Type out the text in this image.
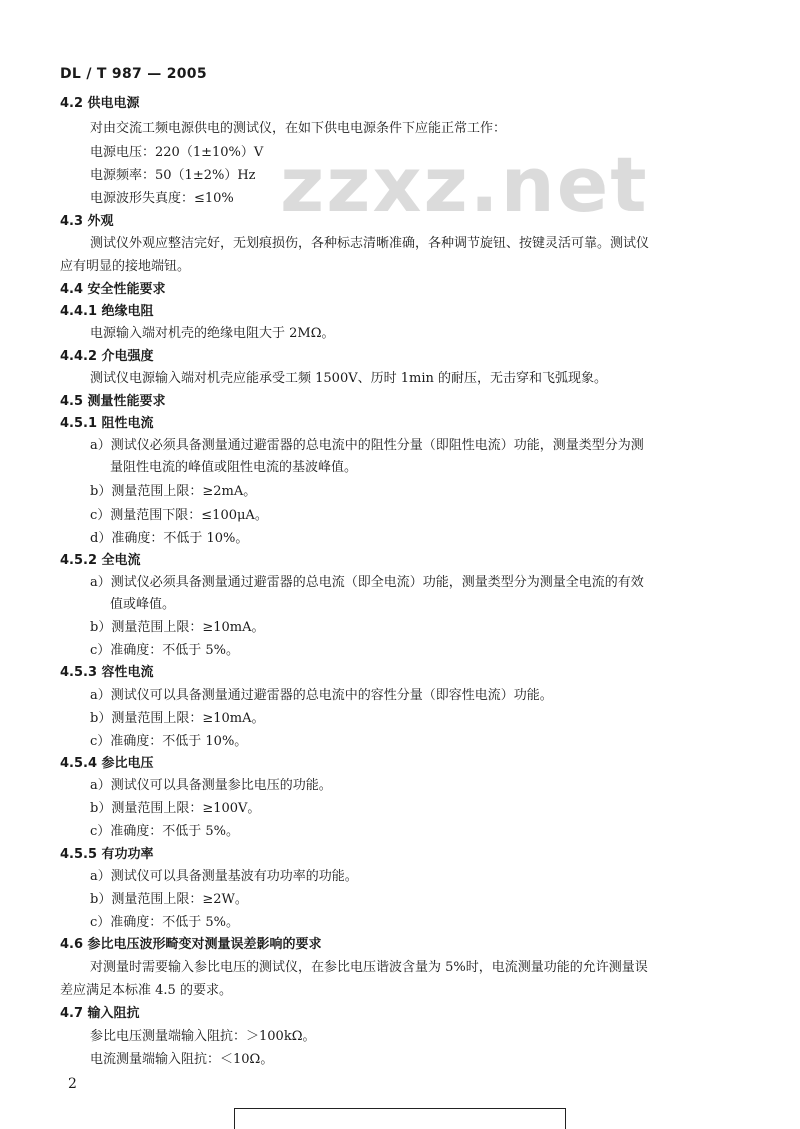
DL / T 987 — 2005
zzxz.net
4.2 供电电源
对由交流工频电源供电的测试仪，在如下供电电源条件下应能正常工作：
电源电压：220（1±10%）V
电源频率：50（1±2%）Hz
电源波形失真度：≤10%
4.3 外观
测试仪外观应整洁完好，无划痕损伤，各种标志清晰准确，各种调节旋钮、按键灵活可靠。测试仪
应有明显的接地端钮。
4.4 安全性能要求
4.4.1 绝缘电阻
电源输入端对机壳的绝缘电阻大于 2MΩ。
4.4.2 介电强度
测试仪电源输入端对机壳应能承受工频 1500V、历时 1min 的耐压，无击穿和飞弧现象。
4.5 测量性能要求
4.5.1 阻性电流
a）测试仪必须具备测量通过避雷器的总电流中的阻性分量（即阻性电流）功能，测量类型分为测
量阻性电流的峰值或阻性电流的基波峰值。
b）测量范围上限：≥2mA。
c）测量范围下限：≤100μA。
d）准确度：不低于 10%。
4.5.2 全电流
a）测试仪必须具备测量通过避雷器的总电流（即全电流）功能，测量类型分为测量全电流的有效
值或峰值。
b）测量范围上限：≥10mA。
c）准确度：不低于 5%。
4.5.3 容性电流
a）测试仪可以具备测量通过避雷器的总电流中的容性分量（即容性电流）功能。
b）测量范围上限：≥10mA。
c）准确度：不低于 10%。
4.5.4 参比电压
a）测试仪可以具备测量参比电压的功能。
b）测量范围上限：≥100V。
c）准确度：不低于 5%。
4.5.5 有功功率
a）测试仪可以具备测量基波有功功率的功能。
b）测量范围上限：≥2W。
c）准确度：不低于 5%。
4.6 参比电压波形畸变对测量误差影响的要求
对测量时需要输入参比电压的测试仪，在参比电压谐波含量为 5%时，电流测量功能的允许测量误
差应满足本标准 4.5 的要求。
4.7 输入阻抗
参比电压测量端输入阻抗：＞100kΩ。
电流测量端输入阻抗：＜10Ω。
2
